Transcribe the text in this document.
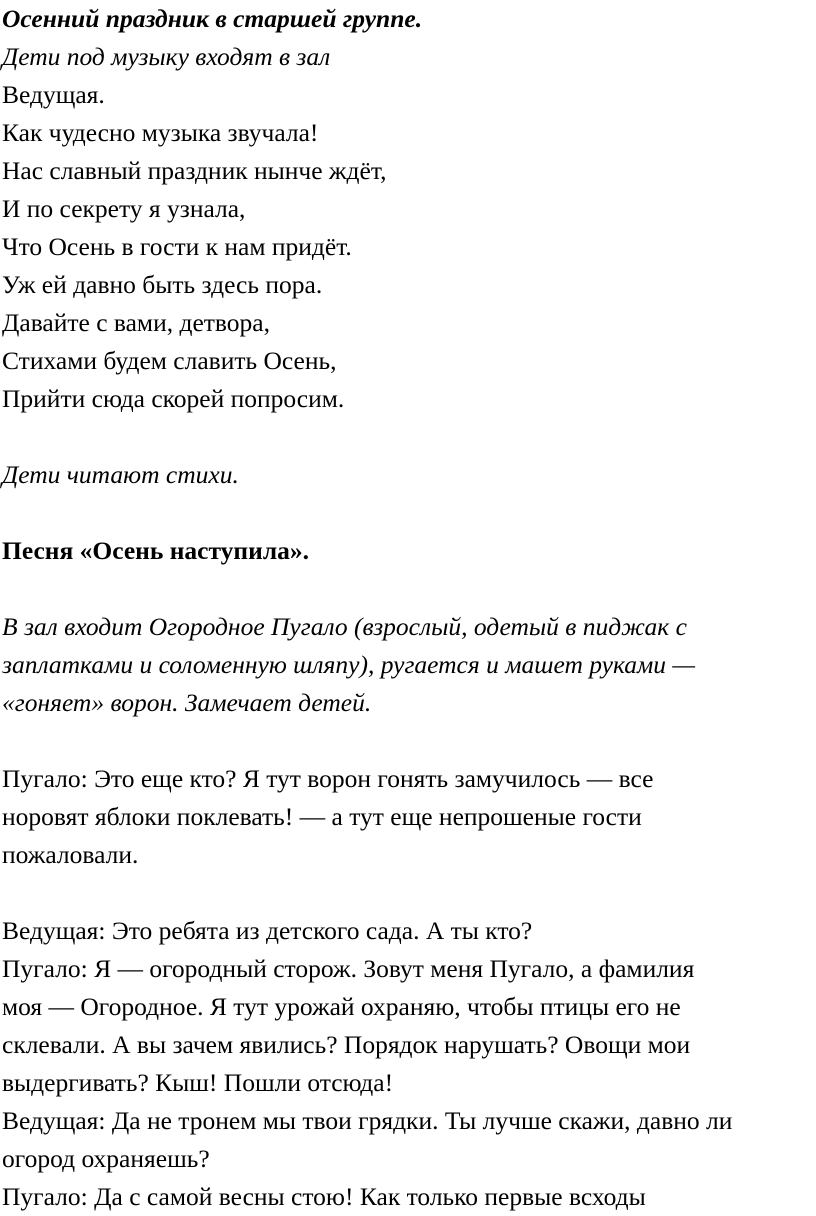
Осенний праздник в старшей группе.
Дети под музыку входят в зал
Ведущая.
Как чудесно музыка звучала!
Нас славный праздник нынче ждёт,
И по секрету я узнала,
Что Осень в гости к нам придёт.
Уж ей давно быть здесь пора.
Давайте с вами, детвора,
Стихами будем славить Осень,
Прийти сюда скорей попросим.
Дети читают стихи.
Песня «Осень наступила».
В зал входит Огородное Пугало (взрослый, одетый в пиджак с
заплатками и соломенную шляпу), ругается и машет руками —
«гоняет» ворон. Замечает детей.
Пугало: Это еще кто? Я тут ворон гонять замучилось — все
норовят яблоки поклевать! — а тут еще непрошеные гости
пожаловали.
Ведущая: Это ребята из детского сада. А ты кто?
Пугало: Я — огородный сторож. Зовут меня Пугало, а фамилия
моя — Огородное. Я тут урожай охраняю, чтобы птицы его не
склевали. А вы зачем явились? Порядок нарушать? Овощи мои
выдергивать? Кыш! Пошли отсюда!
Ведущая: Да не тронем мы твои грядки. Ты лучше скажи, давно ли
огород охраняешь?
Пугало: Да с самой весны стою! Как только первые всходы
